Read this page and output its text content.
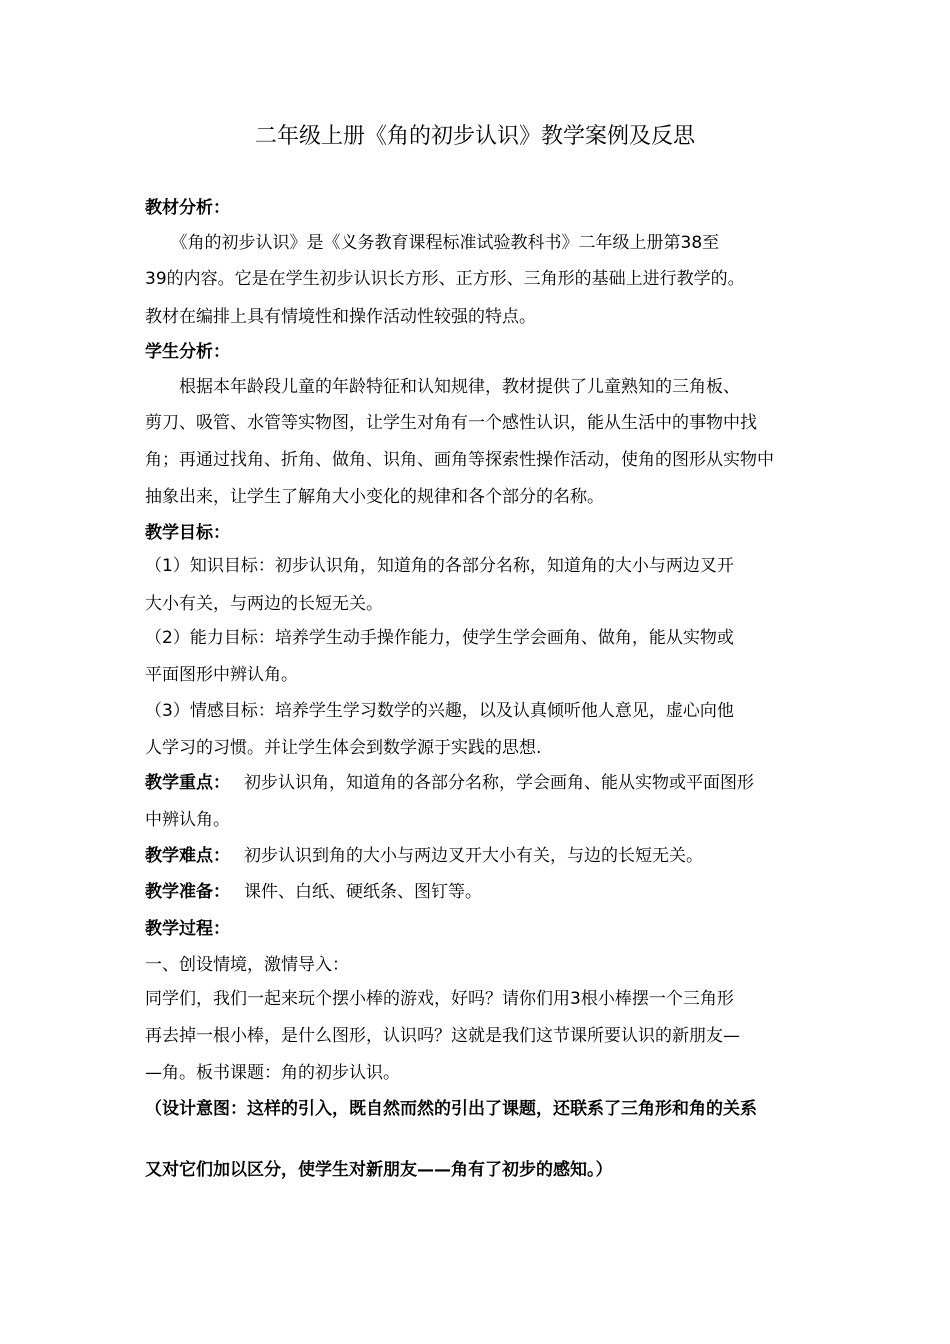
二年级上册《角的初步认识》教学案例及反思
教材分析：
　　《角的初步认识》是《义务教育课程标准试验教科书》二年级上册第38至
39的内容。它是在学生初步认识长方形、正方形、三角形的基础上进行教学的。
教材在编排上具有情境性和操作活动性较强的特点。
学生分析：
　　根据本年龄段儿童的年龄特征和认知规律，教材提供了儿童熟知的三角板、
剪刀、吸管、水管等实物图，让学生对角有一个感性认识，能从生活中的事物中找
角；再通过找角、折角、做角、识角、画角等探索性操作活动，使角的图形从实物中
抽象出来，让学生了解角大小变化的规律和各个部分的名称。
教学目标：
（1）知识目标：初步认识角，知道角的各部分名称，知道角的大小与两边叉开
大小有关，与两边的长短无关。
（2）能力目标：培养学生动手操作能力，使学生学会画角、做角，能从实物或
平面图形中辨认角。
（3）情感目标：培养学生学习数学的兴趣，以及认真倾听他人意见，虚心向他
人学习的习惯。并让学生体会到数学源于实践的思想.
教学重点： 初步认识角，知道角的各部分名称，学会画角、能从实物或平面图形
中辨认角。
教学难点： 初步认识到角的大小与两边叉开大小有关，与边的长短无关。
教学准备： 课件、白纸、硬纸条、图钉等。
教学过程：
一、创设情境，激情导入：
同学们，我们一起来玩个摆小棒的游戏，好吗？请你们用3根小棒摆一个三角形
再去掉一根小棒，是什么图形，认识吗？这就是我们这节课所要认识的新朋友—
—角。板书课题：角的初步认识。
（设计意图：这样的引入，既自然而然的引出了课题，还联系了三角形和角的关系
又对它们加以区分，使学生对新朋友——角有了初步的感知。）
